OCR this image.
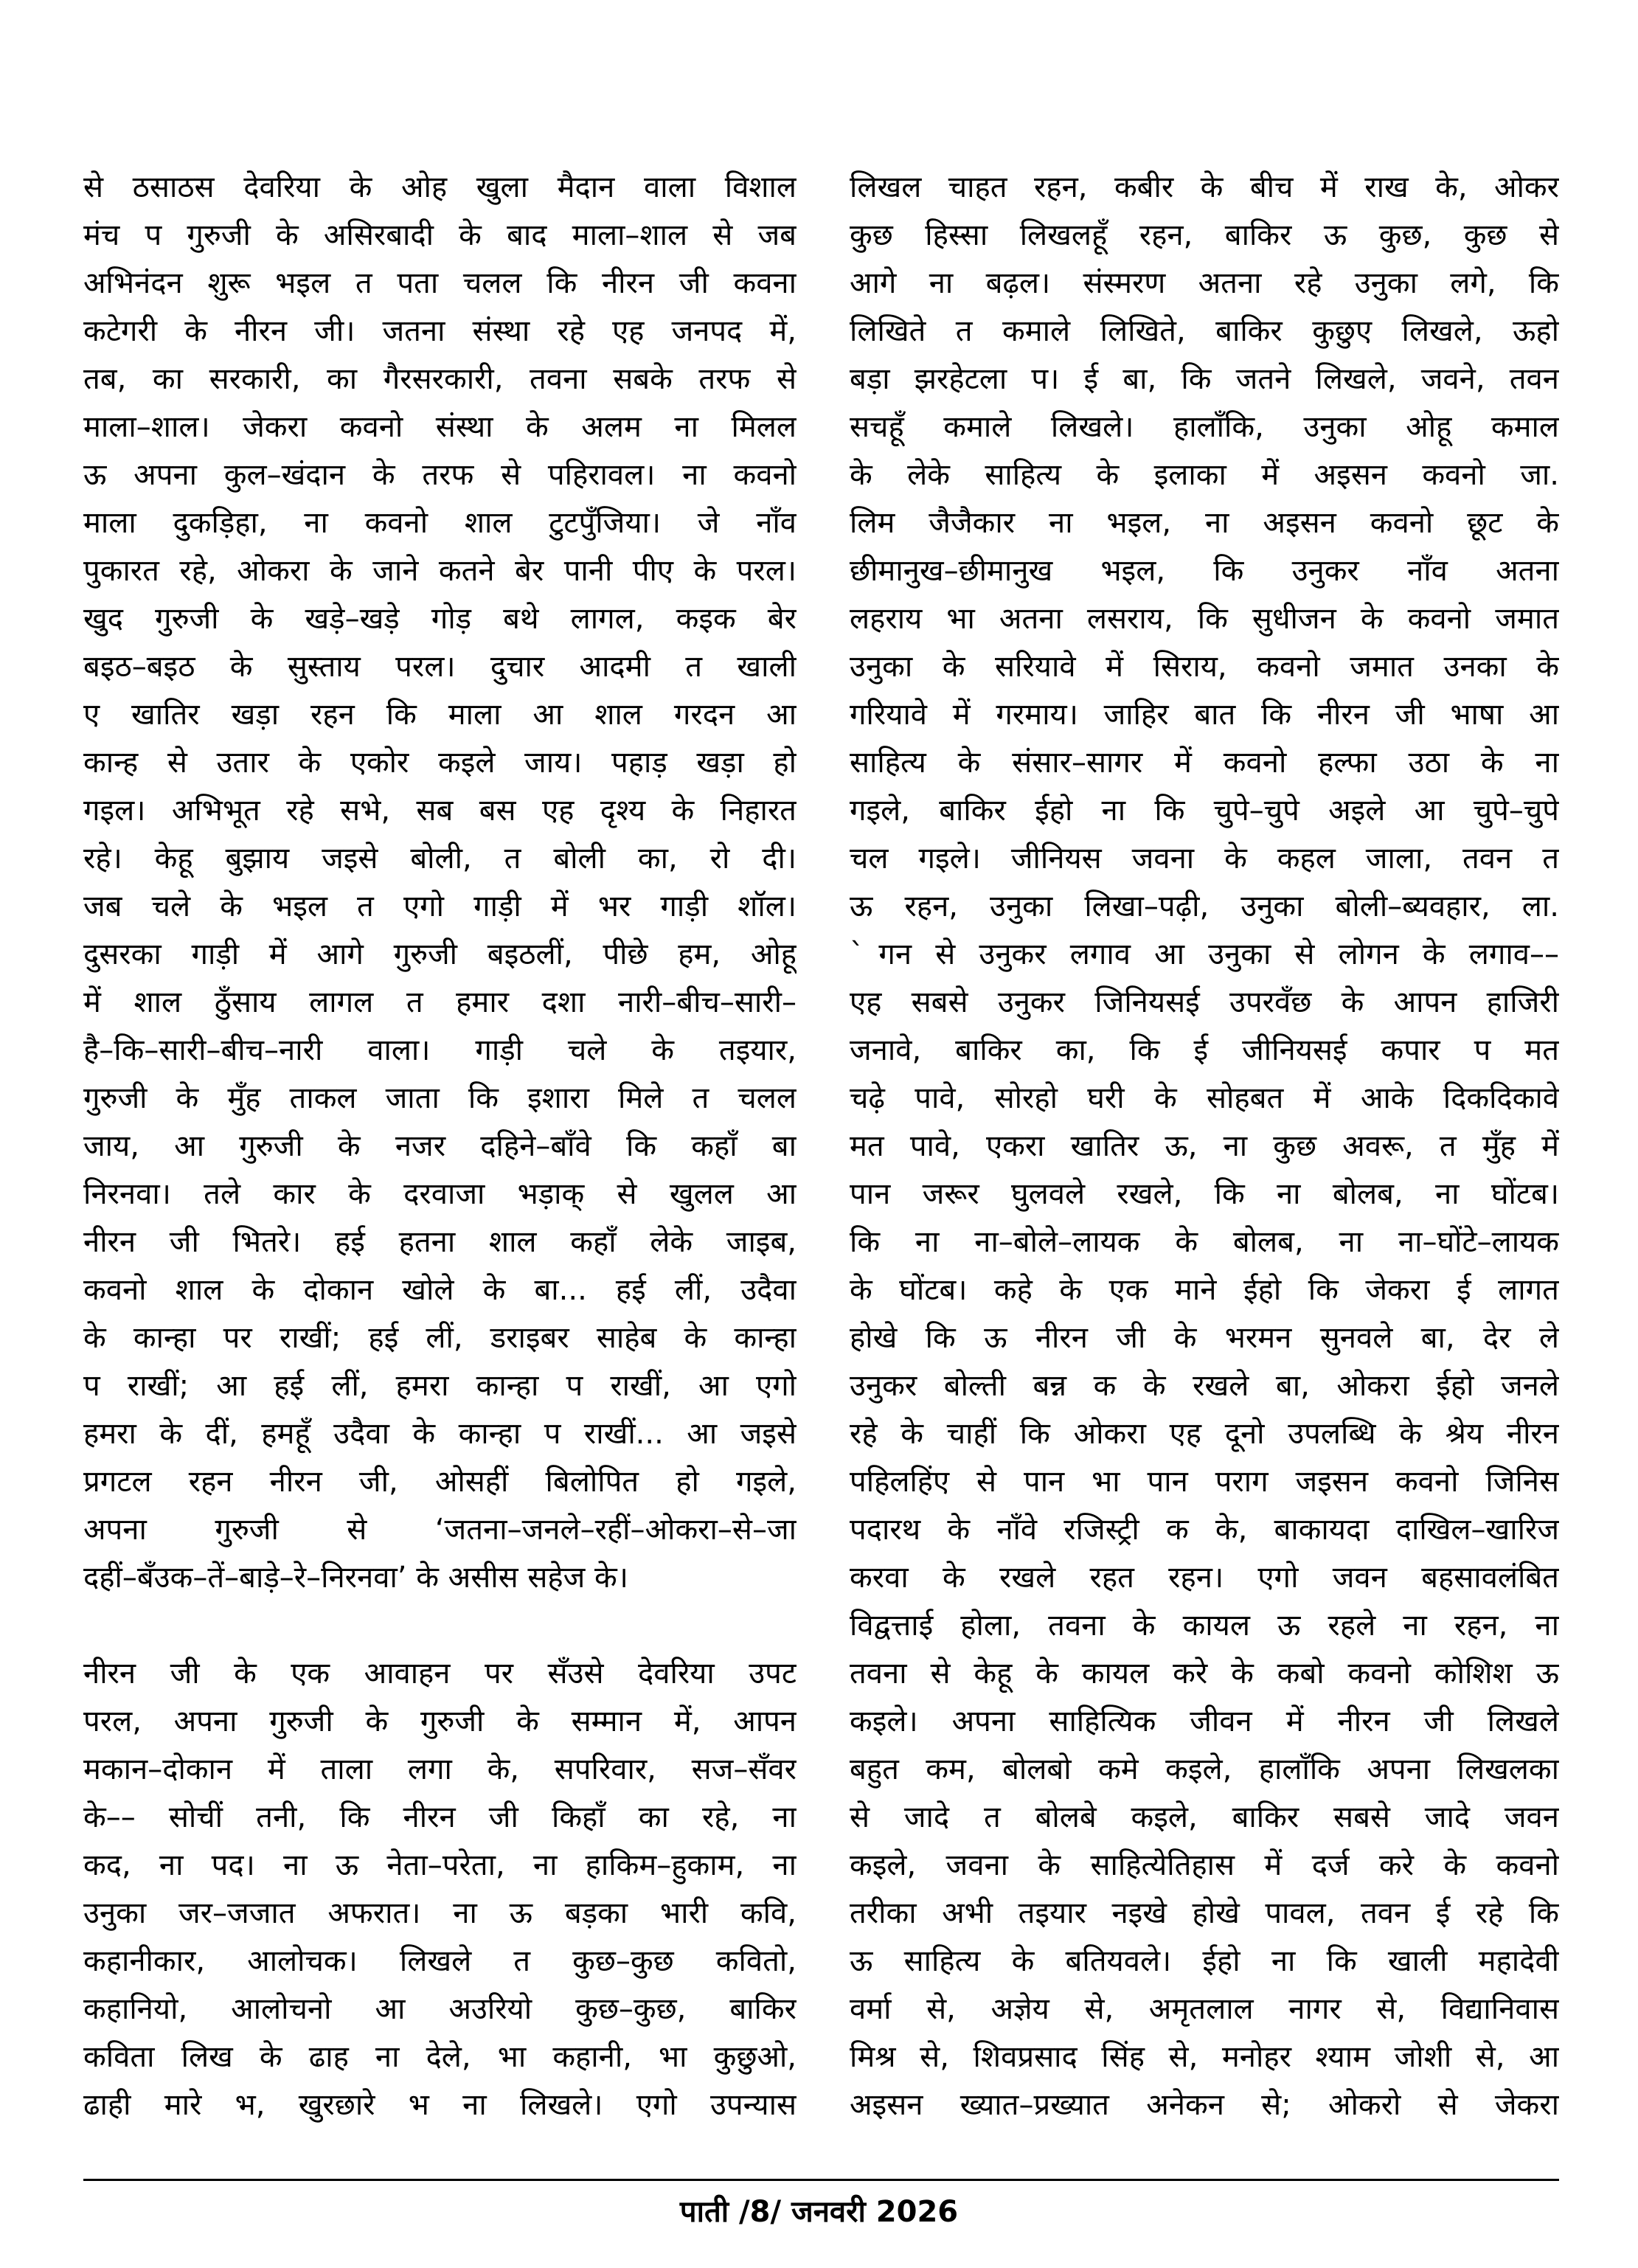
से ठसाठस देवरिया के ओह खुला मैदान वाला विशाल
मंच प गुरुजी के असिरबादी के बाद माला–शाल से जब
अभिनंदन शुरू भइल त पता चलल कि नीरन जी कवना
कटेगरी के नीरन जी। जतना संस्था रहे एह जनपद में,
तब, का सरकारी, का गैरसरकारी, तवना सबके तरफ से
माला–शाल। जेकरा कवनो संस्था के अलम ना मिलल
ऊ अपना कुल–खंदान के तरफ से पहिरावल। ना कवनो
माला दुकड़िहा, ना कवनो शाल टुटपुँजिया। जे नाँव
पुकारत रहे, ओकरा के जाने कतने बेर पानी पीए के परल।
खुद गुरुजी के खड़े–खड़े गोड़ बथे लागल, कइक बेर
बइठ–बइठ के सुस्ताय परल। दुचार आदमी त खाली
ए खातिर खड़ा रहन कि माला आ शाल गरदन आ
कान्ह से उतार के एकोर कइले जाय। पहाड़ खड़ा हो
गइल। अभिभूत रहे सभे, सब बस एह दृश्य के निहारत
रहे। केहू बुझाय जइसे बोली, त बोली का, रो दी।
जब चले के भइल त एगो गाड़ी में भर गाड़ी शॉल।
दुसरका गाड़ी में आगे गुरुजी बइठलीं, पीछे हम, ओहू
में शाल ठुँसाय लागल त हमार दशा नारी–बीच–सारी–
है–कि–सारी–बीच–नारी वाला। गाड़ी चले के तइयार,
गुरुजी के मुँह ताकल जाता कि इशारा मिले त चलल
जाय, आ गुरुजी के नजर दहिने–बाँवे कि कहाँ बा
निरनवा। तले कार के दरवाजा भड़ाक् से खुलल आ
नीरन जी भितरे। हई हतना शाल कहाँ लेके जाइब,
कवनो शाल के दोकान खोले के बा... हई लीं, उदैवा
के कान्हा पर राखीं; हई लीं, डराइबर साहेब के कान्हा
प राखीं; आ हई लीं, हमरा कान्हा प राखीं, आ एगो
हमरा के दीं, हमहूँ उदैवा के कान्हा प राखीं... आ जइसे
प्रगटल रहन नीरन जी, ओसहीं बिलोपित हो गइले,
अपना गुरुजी से ‘जतना–जनले–रहीं–ओकरा–से–जा
दहीं–बँउक–तें–बाड़े–रे–निरनवा’ के असीस सहेज के।
नीरन जी के एक आवाहन पर सँउसे देवरिया उपट
परल, अपना गुरुजी के गुरुजी के सम्मान में, आपन
मकान–दोकान में ताला लगा के, सपरिवार, सज–सँवर
के–– सोचीं तनी, कि नीरन जी किहाँ का रहे, ना
कद, ना पद। ना ऊ नेता–परेता, ना हाकिम–हुकाम, ना
उनुका जर–जजात अफरात। ना ऊ बड़का भारी कवि,
कहानीकार, आलोचक। लिखले त कुछ–कुछ कवितो,
कहानियो, आलोचनो आ अउरियो कुछ–कुछ, बाकिर
कविता लिख के ढाह ना देले, भा कहानी, भा कुछुओ,
ढाही मारे भ, खुरछारे भ ना लिखले। एगो उपन्यास
लिखल चाहत रहन, कबीर के बीच में राख के, ओकर
कुछ हिस्सा लिखलहूँ रहन, बाकिर ऊ कुछ, कुछ से
आगे ना बढ़ल। संस्मरण अतना रहे उनुका लगे, कि
लिखिते त कमाले लिखिते, बाकिर कुछुए लिखले, ऊहो
बड़ा झरहेटला प। ई बा, कि जतने लिखले, जवने, तवन
सचहूँ कमाले लिखले। हालाँकि, उनुका ओहू कमाल
के लेके साहित्य के इलाका में अइसन कवनो जा.
लिम जैजैकार ना भइल, ना अइसन कवनो छूट के
छीमानुख–छीमानुख भइल, कि उनुकर नाँव अतना
लहराय भा अतना लसराय, कि सुधीजन के कवनो जमात
उनुका के सरियावे में सिराय, कवनो जमात उनका के
गरियावे में गरमाय। जाहिर बात कि नीरन जी भाषा आ
साहित्य के संसार–सागर में कवनो हल्फा उठा के ना
गइले, बाकिर ईहो ना कि चुपे–चुपे अइले आ चुपे–चुपे
चल गइले। जीनियस जवना के कहल जाला, तवन त
ऊ रहन, उनुका लिखा–पढ़ी, उनुका बोली–ब्यवहार, ला.
ˋगन से उनुकर लगाव आ उनुका से लोगन के लगाव––
एह सबसे उनुकर जिनियसई उपरवँछ के आपन हाजिरी
जनावे, बाकिर का, कि ई जीनियसई कपार प मत
चढ़े पावे, सोरहो घरी के सोहबत में आके दिकदिकावे
मत पावे, एकरा खातिर ऊ, ना कुछ अवरू, त मुँह में
पान जरूर घुलवले रखले, कि ना बोलब, ना घोंटब।
कि ना ना–बोले–लायक के बोलब, ना ना–घोंटे–लायक
के घोंटब। कहे के एक माने ईहो कि जेकरा ई लागत
होखे कि ऊ नीरन जी के भरमन सुनवले बा, देर ले
उनुकर बोल्ती बन्न क के रखले बा, ओकरा ईहो जनले
रहे के चाहीं कि ओकरा एह दूनो उपलब्धि के श्रेय नीरन
पहिलहिंए से पान भा पान पराग जइसन कवनो जिनिस
पदारथ के नाँवे रजिस्ट्री क के, बाकायदा दाखिल–खारिज
करवा के रखले रहत रहन। एगो जवन बहसावलंबित
विद्वत्ताई होला, तवना के कायल ऊ रहले ना रहन, ना
तवना से केहू के कायल करे के कबो कवनो कोशिश ऊ
कइले। अपना साहित्यिक जीवन में नीरन जी लिखले
बहुत कम, बोलबो कमे कइले, हालाँकि अपना लिखलका
से जादे त बोलबे कइले, बाकिर सबसे जादे जवन
कइले, जवना के साहित्येतिहास में दर्ज करे के कवनो
तरीका अभी तइयार नइखे होखे पावल, तवन ई रहे कि
ऊ साहित्य के बतियवले। ईहो ना कि खाली महादेवी
वर्मा से, अज्ञेय से, अमृतलाल नागर से, विद्यानिवास
मिश्र से, शिवप्रसाद सिंह से, मनोहर श्याम जोशी से, आ
अइसन ख्यात–प्रख्यात अनेकन से; ओकरो से जेकरा
पाती /8/ जनवरी 2026
